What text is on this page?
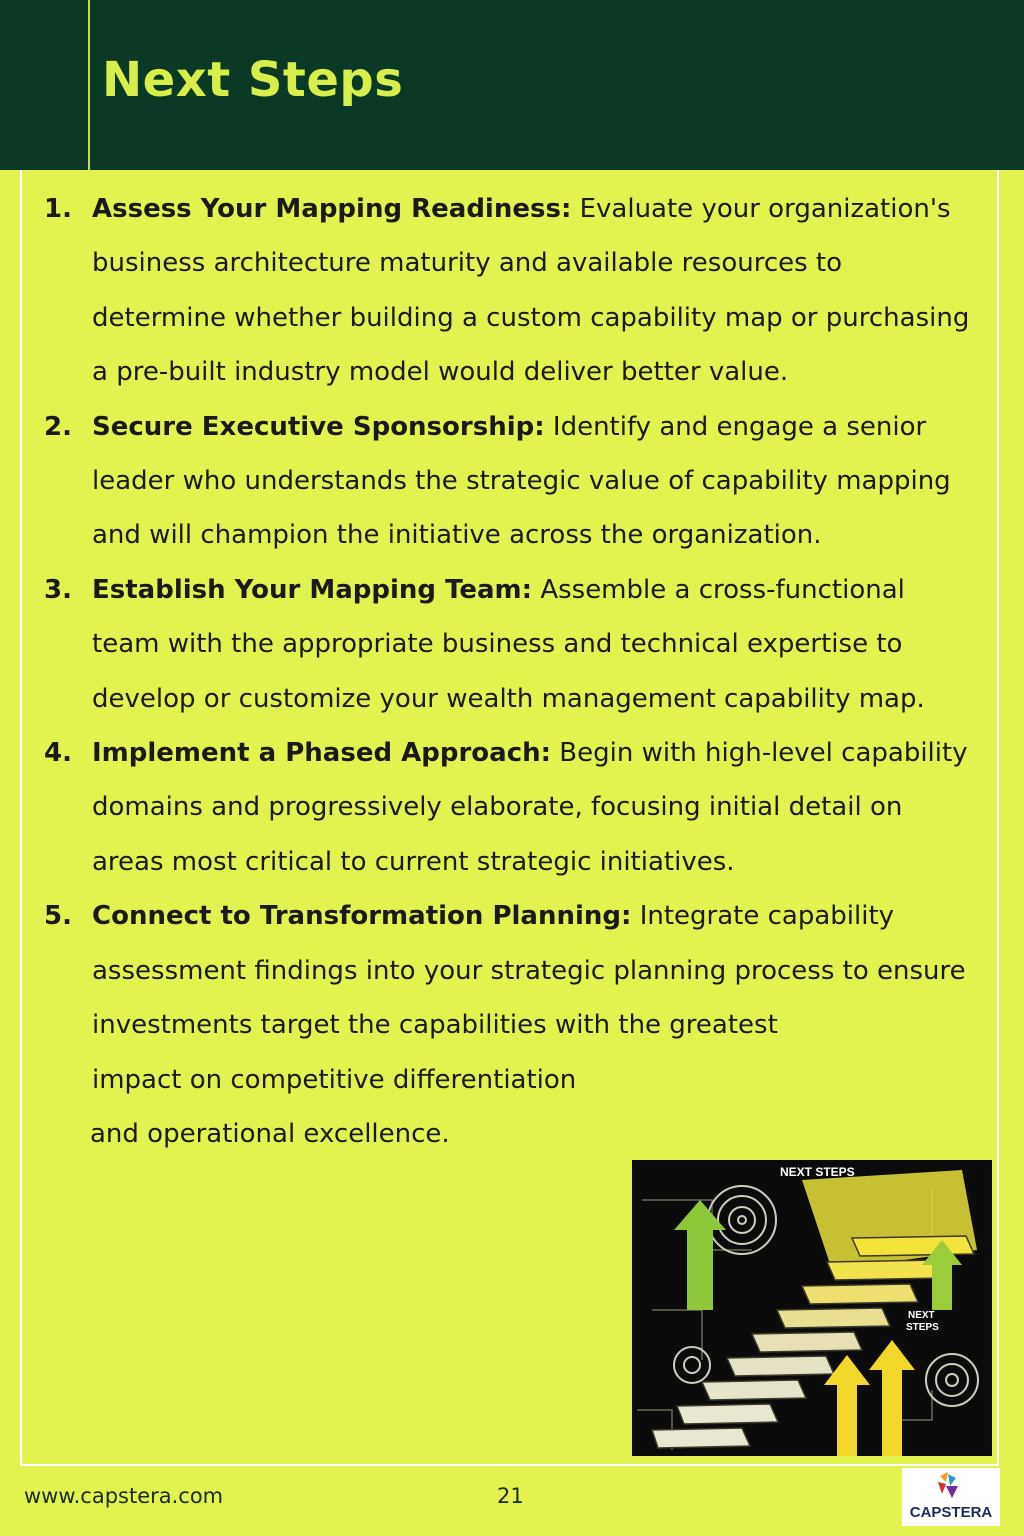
Next Steps
1. Assess Your Mapping Readiness: Evaluate your organization's business architecture maturity and available resources to determine whether building a custom capability map or purchasing a pre-built industry model would deliver better value.
2. Secure Executive Sponsorship: Identify and engage a senior leader who understands the strategic value of capability mapping and will champion the initiative across the organization.
3. Establish Your Mapping Team: Assemble a cross-functional team with the appropriate business and technical expertise to develop or customize your wealth management capability map.
4. Implement a Phased Approach: Begin with high-level capability domains and progressively elaborate, focusing initial detail on areas most critical to current strategic initiatives.
5. Connect to Transformation Planning: Integrate capability assessment findings into your strategic planning process to ensure investments target the capabilities with the greatest
impact on competitive differentiation
and operational excellence.
NEXT STEPS
NEXT
STEPS
www.capstera.com	21
CAPSTERA
